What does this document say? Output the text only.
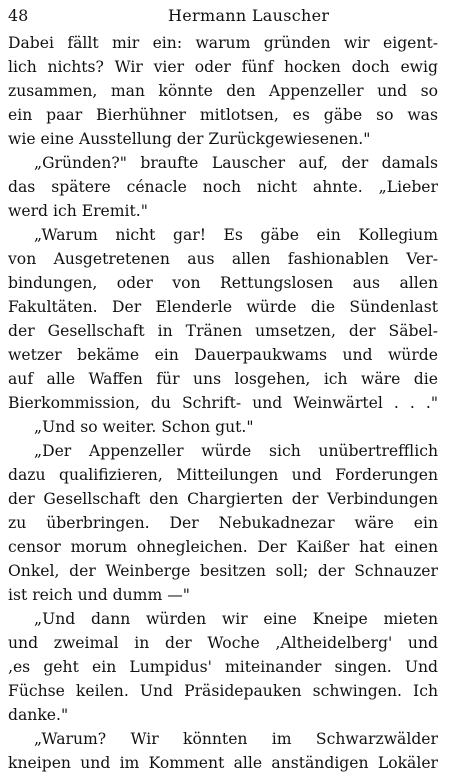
48	Hermann Lauscher
Dabei fällt mir ein: warum gründen wir eigent-
lich nichts? Wir vier oder fünf hocken doch ewig
zusammen, man könnte den Appenzeller und so
ein paar Bierhühner mitlotsen, es gäbe so was
wie eine Ausstellung der Zurückgewiesenen."
„Gründen?" braufte Lauscher auf, der damals
das spätere cénacle noch nicht ahnte. „Lieber
werd ich Eremit."
„Warum nicht gar! Es gäbe ein Kollegium
von Ausgetretenen aus allen fashionablen Ver-
bindungen, oder von Rettungslosen aus allen
Fakultäten. Der Elenderle würde die Sündenlast
der Gesellschaft in Tränen umsetzen, der Säbel-
wetzer bekäme ein Dauerpaukwams und würde
auf alle Waffen für uns losgehen, ich wäre die
Bierkommission, du Schrift- und Weinwärtel . . ."
„Und so weiter. Schon gut."
„Der Appenzeller würde sich unübertrefflich
dazu qualifizieren, Mitteilungen und Forderungen
der Gesellschaft den Chargierten der Verbindungen
zu überbringen. Der Nebukadnezar wäre ein
censor morum ohnegleichen. Der Kaißer hat einen
Onkel, der Weinberge besitzen soll; der Schnauzer
ist reich und dumm —"
„Und dann würden wir eine Kneipe mieten
und zweimal in der Woche ‚Altheidelberg' und
‚es geht ein Lumpidus' miteinander singen. Und
Füchse keilen. Und Präsidepauken schwingen. Ich
danke."
„Warum? Wir könnten im Schwarzwälder
kneipen und im Komment alle anständigen Lokäler
